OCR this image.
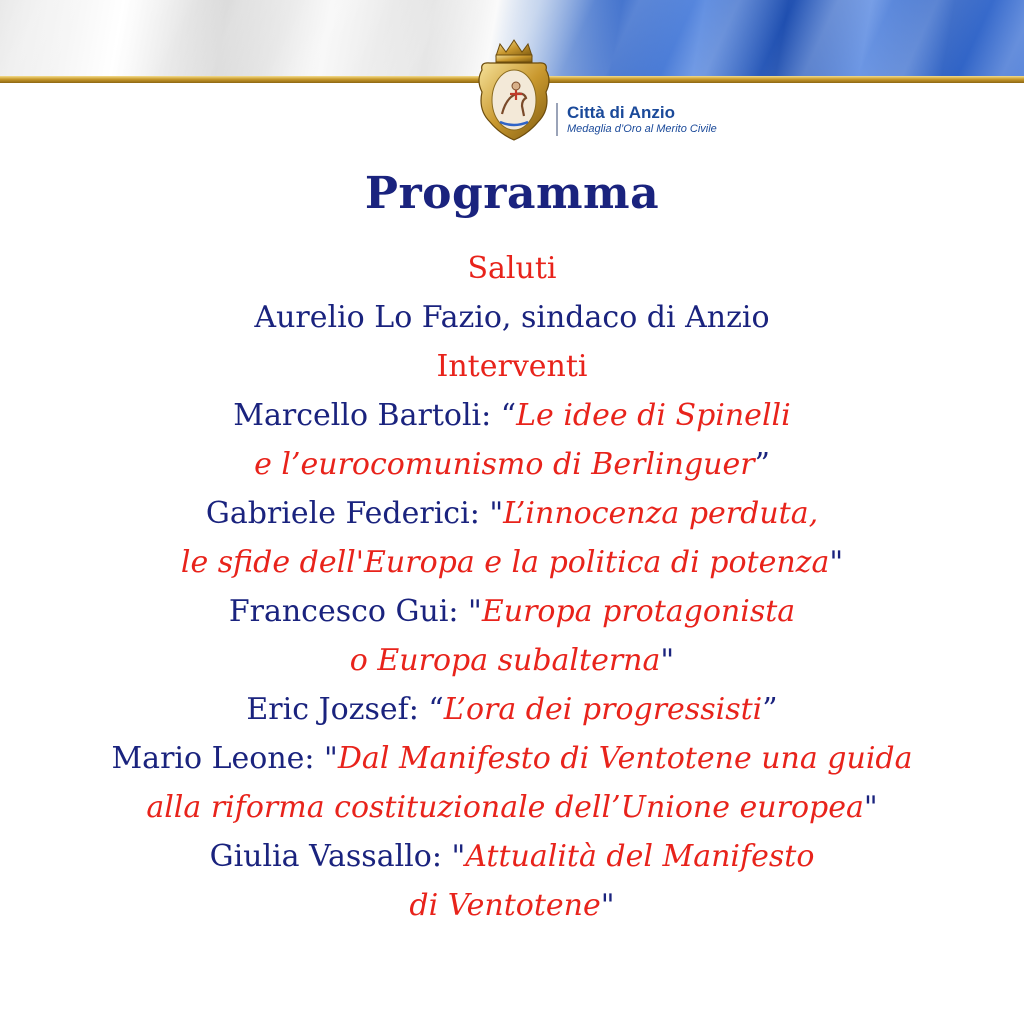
Città di Anzio
Medaglia d’Oro al Merito Civile
Programma
Saluti
Aurelio Lo Fazio, sindaco di Anzio
Interventi
Marcello Bartoli: “Le idee di Spinelli
e l’eurocomunismo di Berlinguer”
Gabriele Federici: "L’innocenza perduta,
le sfide dell'Europa e la politica di potenza"
Francesco Gui: "Europa protagonista
o Europa subalterna"
Eric Jozsef: “L’ora dei progressisti”
Mario Leone: "Dal Manifesto di Ventotene una guida
alla riforma costituzionale dell’Unione europea"
Giulia Vassallo: "Attualità del Manifesto
di Ventotene"
